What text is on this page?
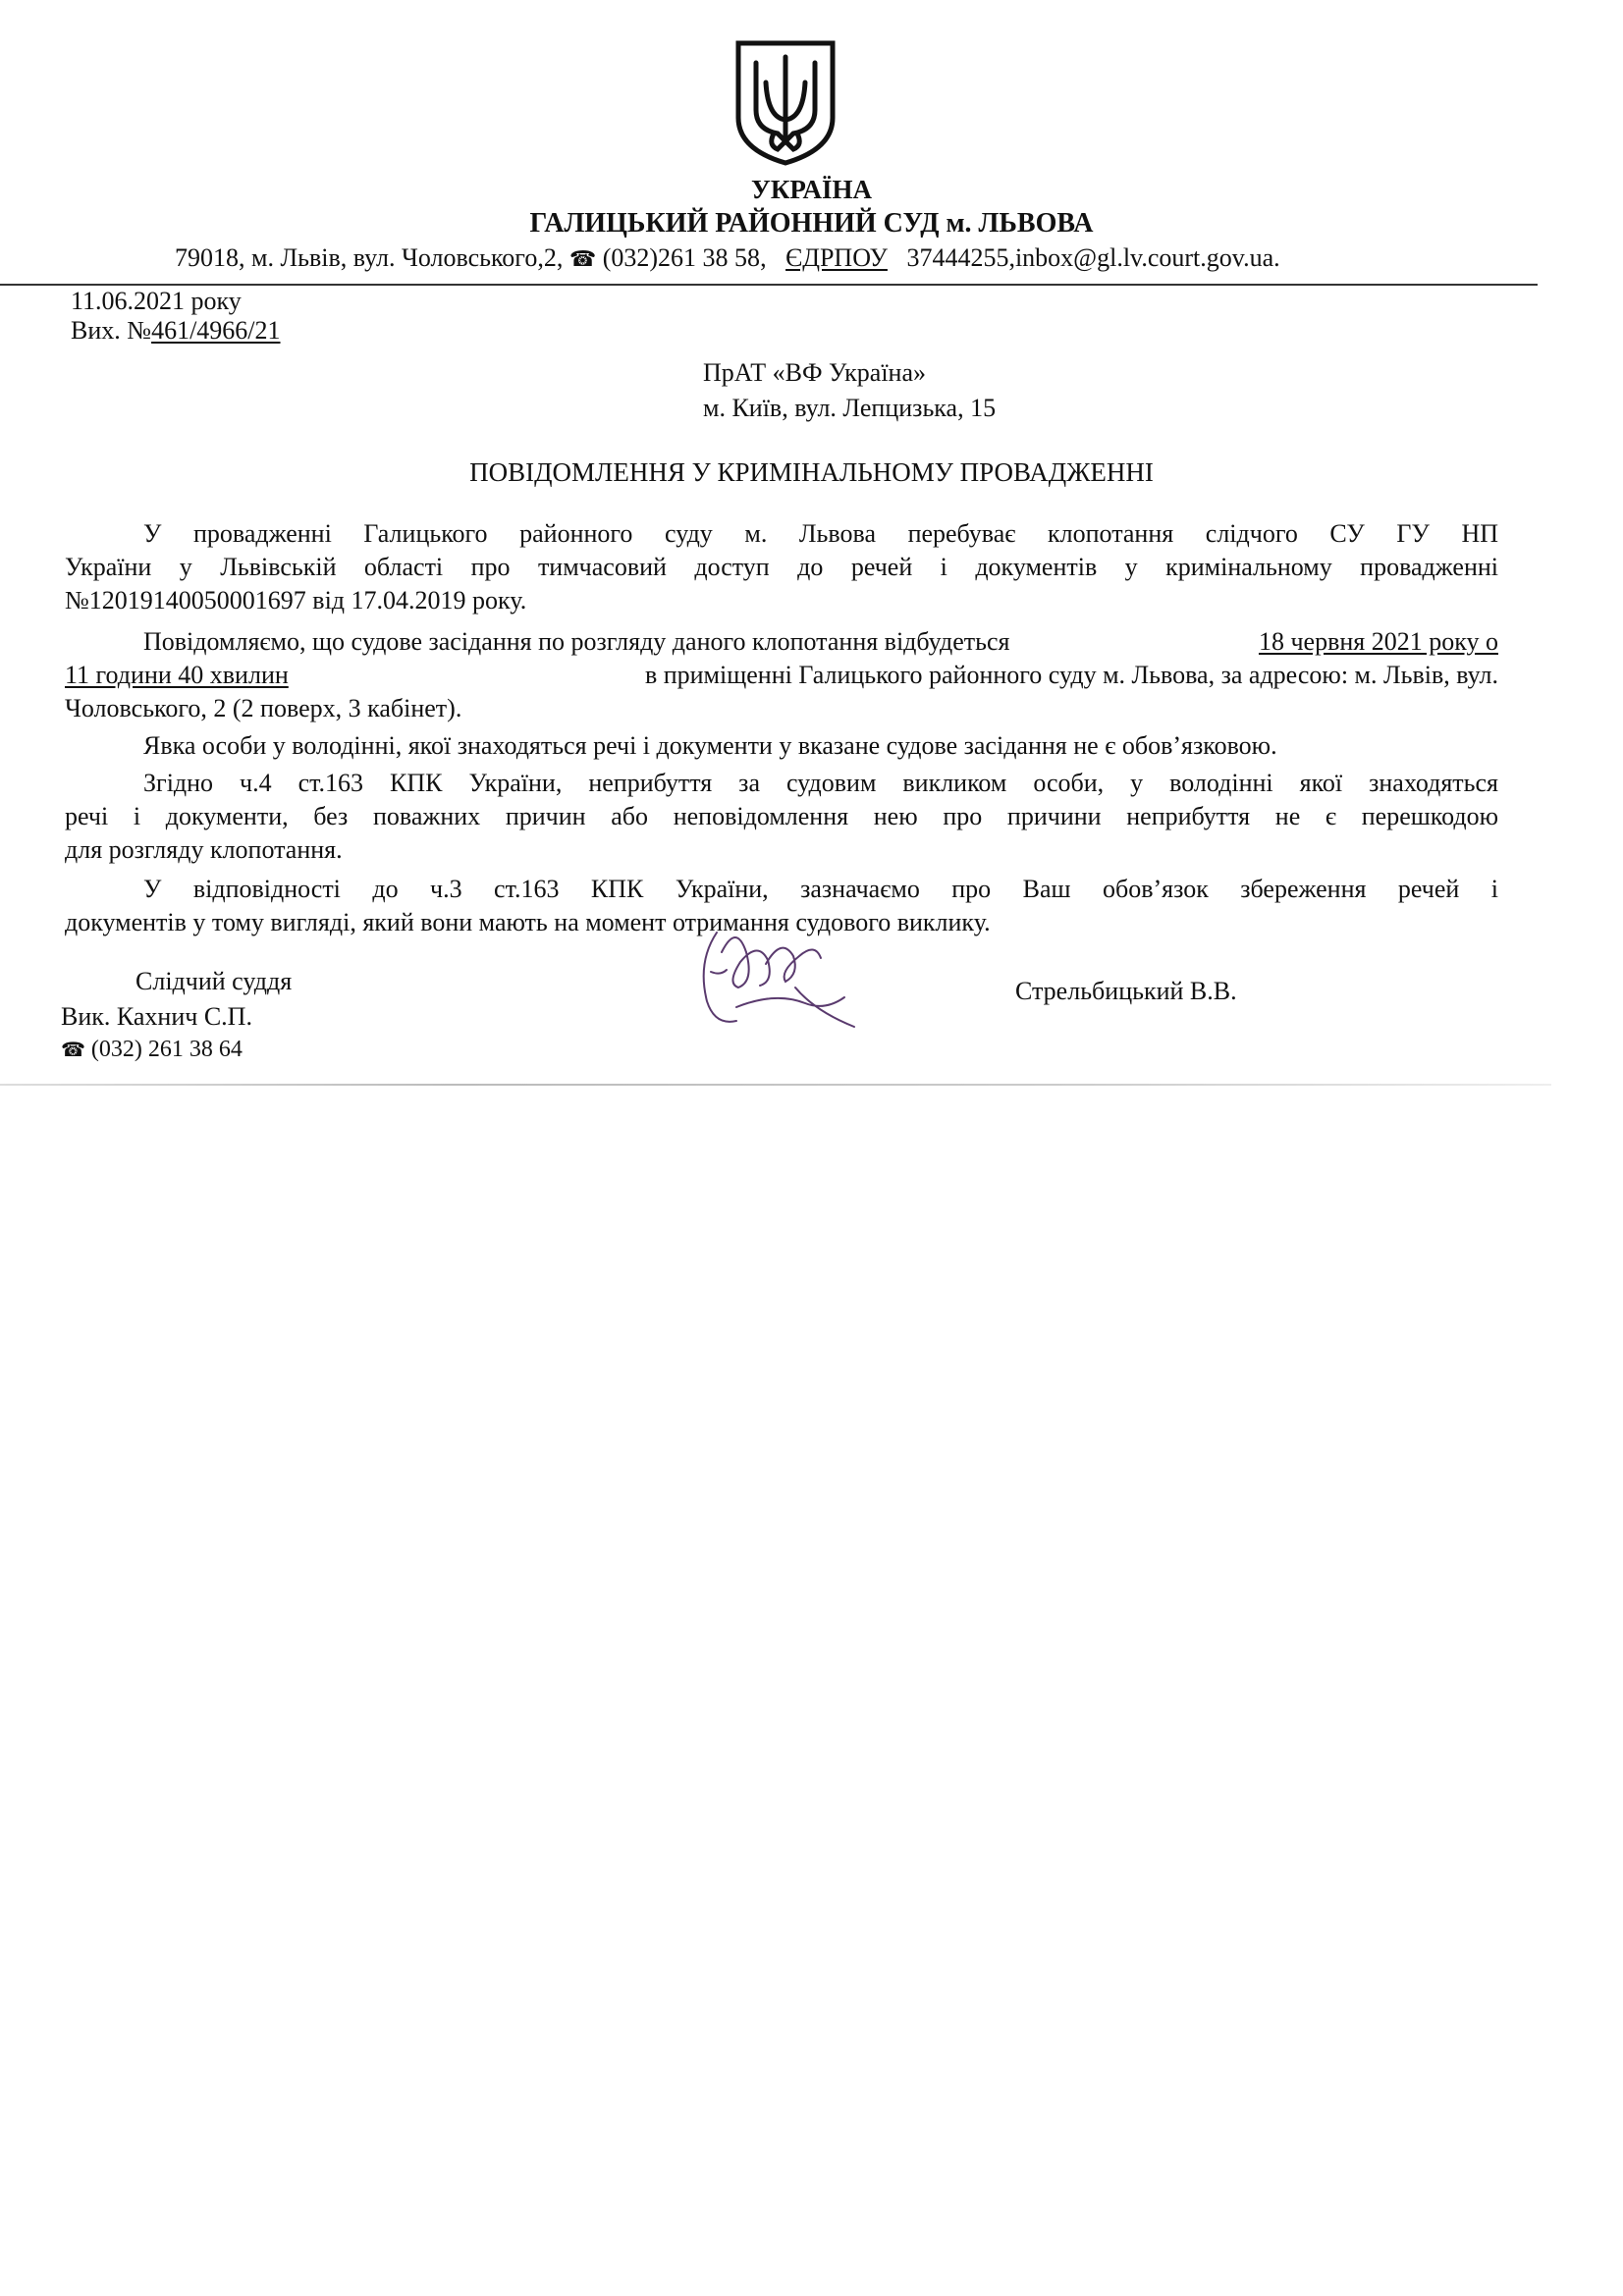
УКРАЇНА
ГАЛИЦЬКИЙ РАЙОННИЙ СУД м. ЛЬВОВА
79018, м. Львів, вул. Чоловського,2, ☎ (032)261 38 58,   ЄДРПОУ 37444255,inbox@gl.lv.court.gov.ua.
11.06.2021 року
Вих. №461/4966/21
ПрАТ «ВФ Україна»
м. Київ, вул. Лепцизька, 15
ПОВІДОМЛЕННЯ У КРИМІНАЛЬНОМУ ПРОВАДЖЕННІ
У провадженні Галицького районного суду м. Львова перебуває клопотання слідчого СУ ГУ НП
України у Львівській області про тимчасовий доступ до речей і документів у кримінальному провадженні
№12019140050001697 від 17.04.2019 року.
Повідомляємо, що судове засідання по розгляду даного клопотання відбудеться	18 червня 2021 року о
11 години 40 хвилин	в приміщенні Галицького районного суду м. Львова, за адресою: м. Львів, вул.
Чоловського, 2 (2 поверх, 3 кабінет).
Явка особи у володінні, якої знаходяться речі і документи у вказане судове засідання не є обов’язковою.
Згідно ч.4 ст.163 КПК України, неприбуття за судовим викликом особи, у володінні якої знаходяться
речі і документи, без поважних причин або неповідомлення нею про причини неприбуття не є перешкодою
для розгляду клопотання.
У відповідності до ч.3 ст.163 КПК України, зазначаємо про Ваш обов’язок збереження речей і
документів у тому вигляді, який вони мають на момент отримання судового виклику.
Слідчий суддя	Стрельбицький В.В.
Вик. Кахнич С.П.
☎ (032) 261 38 64
